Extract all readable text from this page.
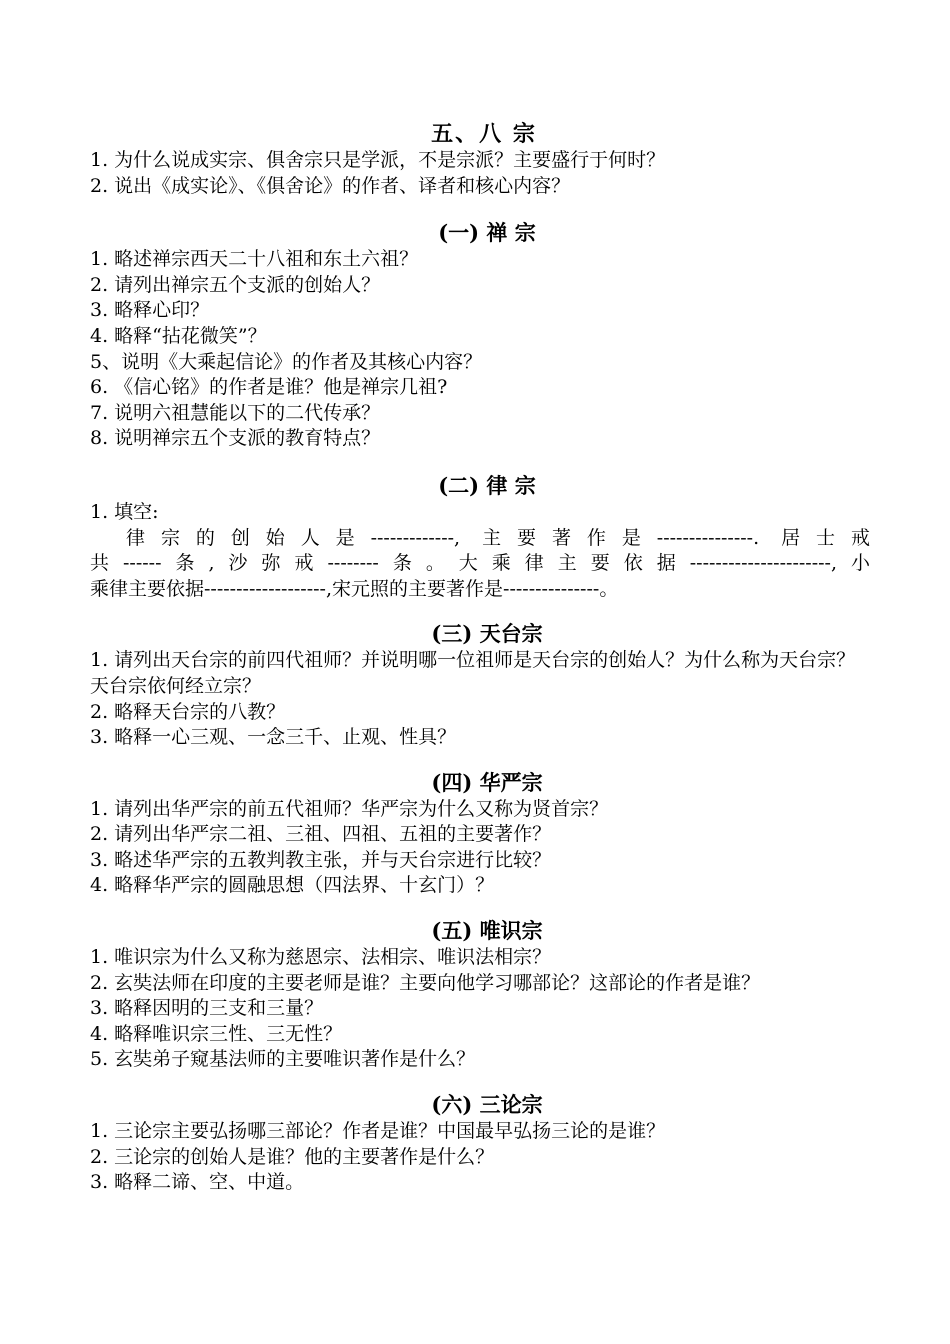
五、八 宗

1. 为什么说成实宗、俱舍宗只是学派，不是宗派？主要盛行于何时？

2. 说出《成实论》、《俱舍论》的作者、译者和核心内容？

(一) 禅 宗

1. 略述禅宗西天二十八祖和东土六祖？

2. 请列出禅宗五个支派的创始人？

3. 略释心印？

4. 略释“拈花微笑”？

5、说明《大乘起信论》的作者及其核心内容？

6. 《信心铭》的作者是谁？他是禅宗几祖?

7. 说明六祖慧能以下的二代传承？

8. 说明禅宗五个支派的教育特点？

(二) 律 宗

1. 填空:

律宗的创始人是-------------, 主要著作是---------------. 居士戒
共------条,沙弥戒--------条。大乘律主要依据----------------------,小
乘律主要依据-------------------,宋元照的主要著作是---------------。
(三) 天台宗

1. 请列出天台宗的前四代祖师？并说明哪一位祖师是天台宗的创始人？为什么称为天台宗？天台宗依何经立宗？

2. 略释天台宗的八教？

3. 略释一心三观、一念三千、止观、性具？

(四) 华严宗

1. 请列出华严宗的前五代祖师？华严宗为什么又称为贤首宗？

2. 请列出华严宗二祖、三祖、四祖、五祖的主要著作？

3. 略述华严宗的五教判教主张，并与天台宗进行比较？

4. 略释华严宗的圆融思想（四法界、十玄门）？

(五) 唯识宗

1. 唯识宗为什么又称为慈恩宗、法相宗、唯识法相宗？

2. 玄奘法师在印度的主要老师是谁？主要向他学习哪部论？这部论的作者是谁？

3. 略释因明的三支和三量？

4. 略释唯识宗三性、三无性？

5. 玄奘弟子窥基法师的主要唯识著作是什么？

(六) 三论宗

1. 三论宗主要弘扬哪三部论？作者是谁？中国最早弘扬三论的是谁？

2. 三论宗的创始人是谁？他的主要著作是什么？

3. 略释二谛、空、中道。
